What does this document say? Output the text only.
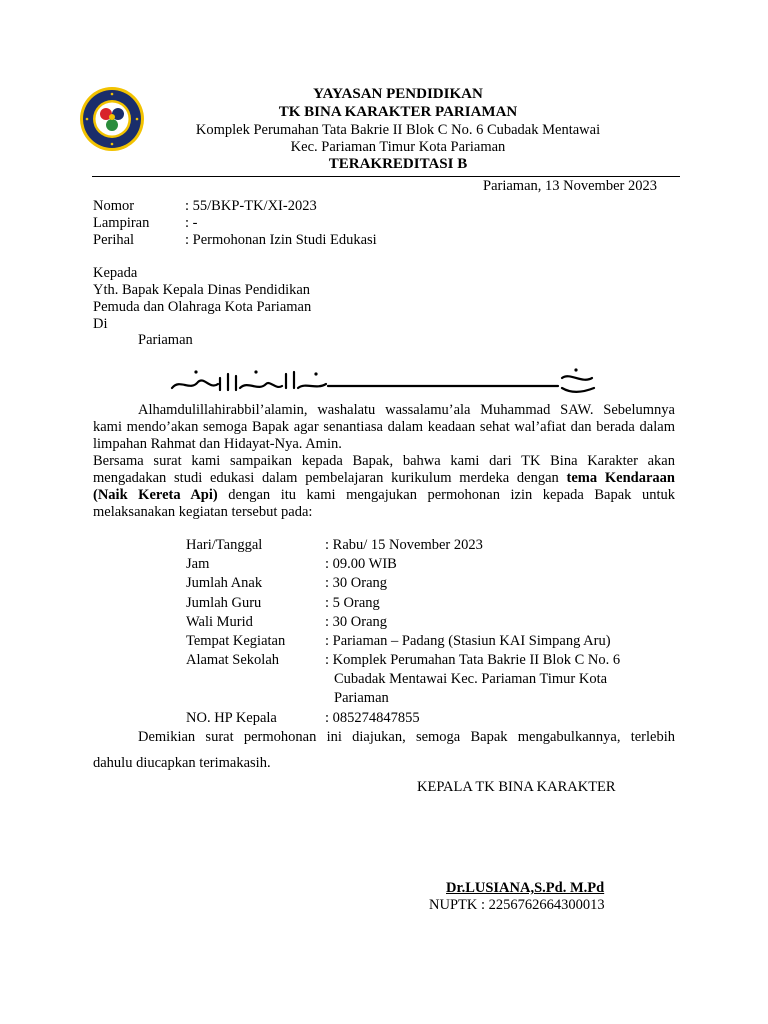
YAYASAN PENDIDIKAN
TK BINA KARAKTER PARIAMAN
Komplek Perumahan Tata Bakrie II Blok C No. 6 Cubadak Mentawai
Kec. Pariaman Timur Kota Pariaman
TERAKREDITASI B
Pariaman, 13 November 2023
Nomor	: 55/BKP-TK/XI-2023
Lampiran : -
Perihal	: Permohonan Izin Studi Edukasi
Kepada
Yth. Bapak Kepala Dinas Pendidikan
Pemuda dan Olahraga Kota Pariaman
Di
Pariaman
Alhamdulillahirabbil’alamin, washalatu wassalamu’ala Muhammad SAW. Sebelumnya kami mendo’akan semoga Bapak agar senantiasa dalam keadaan sehat wal’afiat dan berada dalam limpahan Rahmat dan Hidayat-Nya. Amin.
Bersama surat kami sampaikan kepada Bapak, bahwa kami dari TK Bina Karakter akan mengadakan studi edukasi dalam pembelajaran kurikulum merdeka dengan tema Kendaraan (Naik Kereta Api) dengan itu kami mengajukan permohonan izin kepada Bapak untuk melaksanakan kegiatan tersebut pada:
Hari/Tanggal	: Rabu/ 15 November 2023
Jam	: 09.00 WIB
Jumlah Anak	: 30 Orang
Jumlah Guru	: 5 Orang
Wali Murid	: 30 Orang
Tempat Kegiatan	: Pariaman – Padang (Stasiun KAI Simpang Aru)
Alamat Sekolah	: Komplek Perumahan Tata Bakrie II Blok C No. 6
Cubadak Mentawai Kec. Pariaman Timur Kota
Pariaman
NO. HP Kepala	: 085274847855
Demikian surat permohonan ini diajukan, semoga Bapak mengabulkannya, terlebih
dahulu diucapkan terimakasih.
KEPALA TK BINA KARAKTER
Dr.LUSIANA,S.Pd. M.Pd
NUPTK : 2256762664300013
